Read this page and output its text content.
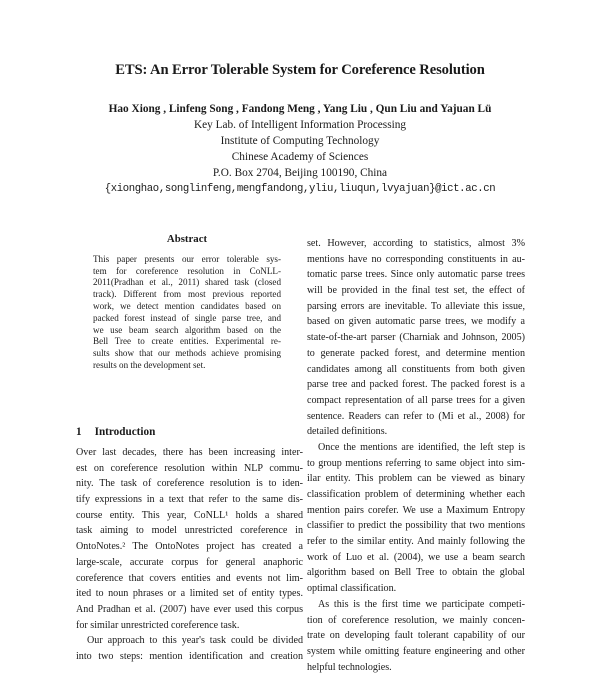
ETS: An Error Tolerable System for Coreference Resolution
Hao Xiong , Linfeng Song , Fandong Meng , Yang Liu , Qun Liu and Yajuan Lü
Key Lab. of Intelligent Information Processing
Institute of Computing Technology
Chinese Academy of Sciences
P.O. Box 2704, Beijing 100190, China
{xionghao,songlinfeng,mengfandong,yliu,liuqun,lvyajuan}@ict.ac.cn
Abstract
This paper presents our error tolerable sys-
tem for coreference resolution in CoNLL-
2011(Pradhan et al., 2011) shared task (closed
track). Different from most previous reported
work, we detect mention candidates based on
packed forest instead of single parse tree, and
we use beam search algorithm based on the
Bell Tree to create entities. Experimental re-
sults show that our methods achieve promising
results on the development set.
1 Introduction
Over last decades, there has been increasing inter-
est on coreference resolution within NLP commu-
nity. The task of coreference resolution is to iden-
tify expressions in a text that refer to the same dis-
course entity. This year, CoNLL¹ holds a shared
task aiming to model unrestricted coreference in
OntoNotes.² The OntoNotes project has created a
large-scale, accurate corpus for general anaphoric
coreference that covers entities and events not lim-
ited to noun phrases or a limited set of entity types.
And Pradhan et al. (2007) have ever used this corpus
for similar unrestricted coreference task.
Our approach to this year's task could be divided
into two steps: mention identification and creation
set. However, according to statistics, almost 3%
mentions have no corresponding constituents in au-
tomatic parse trees. Since only automatic parse trees
will be provided in the final test set, the effect of
parsing errors are inevitable. To alleviate this issue,
based on given automatic parse trees, we modify a
state-of-the-art parser (Charniak and Johnson, 2005)
to generate packed forest, and determine mention
candidates among all constituents from both given
parse tree and packed forest. The packed forest is a
compact representation of all parse trees for a given
sentence. Readers can refer to (Mi et al., 2008) for
detailed definitions.
Once the mentions are identified, the left step is
to group mentions referring to same object into sim-
ilar entity. This problem can be viewed as binary
classification problem of determining whether each
mention pairs corefer. We use a Maximum Entropy
classifier to predict the possibility that two mentions
refer to the similar entity. And mainly following the
work of Luo et al. (2004), we use a beam search
algorithm based on Bell Tree to obtain the global
optimal classification.
As this is the first time we participate competi-
tion of coreference resolution, we mainly concen-
trate on developing fault tolerant capability of our
system while omitting feature engineering and other
helpful technologies.
